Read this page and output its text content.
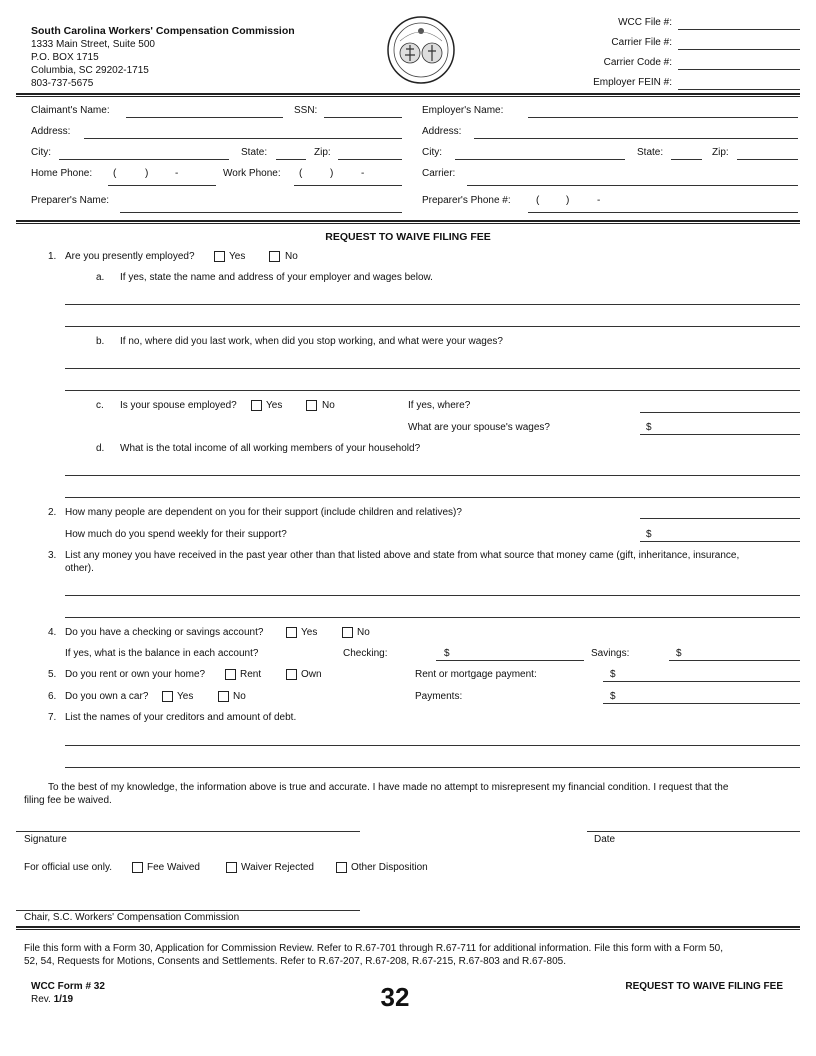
South Carolina Workers' Compensation Commission
1333 Main Street, Suite 500
P.O. BOX 1715
Columbia, SC 29202-1715
803-737-5675
WCC File #:
Carrier File #:
Carrier Code #:
Employer FEIN #:
Claimant's Name:	SSN:
Address:
City:	State:	Zip:
Home Phone: (	)	-	Work Phone: (	)	-
Preparer's Name:
Employer's Name:
Address:
City:	State:	Zip:
Carrier:
Preparer's Phone #:	(	)	-
REQUEST TO WAIVE FILING FEE
1. Are you presently employed?	Yes	No
a. If yes, state the name and address of your employer and wages below.
b. If no, where did you last work, when did you stop working, and what were your wages?
c. Is your spouse employed?	Yes	No	If yes, where?
What are your spouse's wages?	$
d. What is the total income of all working members of your household?
2. How many people are dependent on you for their support (include children and relatives)?
How much do you spend weekly for their support?	$
3. List any money you have received in the past year other than that listed above and state from what source that money came (gift, inheritance, insurance,
other).
4. Do you have a checking or savings account?	Yes	No
If yes, what is the balance in each account?	Checking:	$	Savings:	$
5. Do you rent or own your home?	Rent	Own	Rent or mortgage payment:	$
6. Do you own a car?	Yes	No	Payments:	$
7. List the names of your creditors and amount of debt.
To the best of my knowledge, the information above is true and accurate. I have made no attempt to misrepresent my financial condition. I request that the
filing fee be waived.
Signature	Date
For official use only.	Fee Waived	Waiver Rejected	Other Disposition
Chair, S.C. Workers' Compensation Commission
File this form with a Form 30, Application for Commission Review. Refer to R.67-701 through R.67-711 for additional information. File this form with a Form 50,
52, 54, Requests for Motions, Consents and Settlements. Refer to R.67-207, R.67-208, R.67-215, R.67-803 and R.67-805.
WCC Form # 32
Rev. 1/19	32	REQUEST TO WAIVE FILING FEE
